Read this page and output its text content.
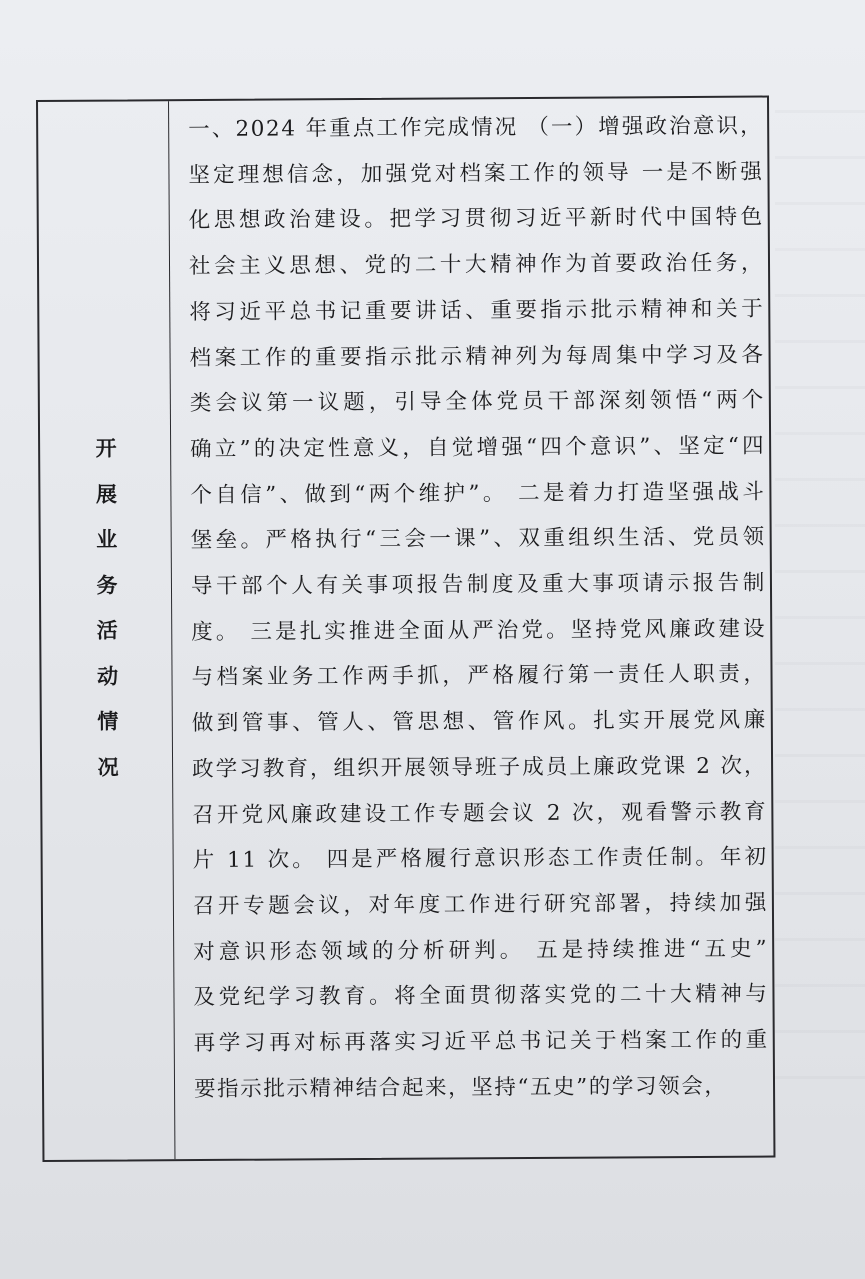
开
展
业
务
活
动
情
况

一、2024 年重点工作完成情况 （一）增强政治意识，

坚定理想信念，加强党对档案工作的领导 一是不断强

化思想政治建设。把学习贯彻习近平新时代中国特色

社会主义思想、党的二十大精神作为首要政治任务，

将习近平总书记重要讲话、重要指示批示精神和关于

档案工作的重要指示批示精神列为每周集中学习及各

类会议第一议题，引导全体党员干部深刻领悟“两个

确立”的决定性意义，自觉增强“四个意识”、坚定“四

个自信”、做到“两个维护”。 二是着力打造坚强战斗

堡垒。严格执行“三会一课”、双重组织生活、党员领

导干部个人有关事项报告制度及重大事项请示报告制

度。 三是扎实推进全面从严治党。坚持党风廉政建设

与档案业务工作两手抓，严格履行第一责任人职责，

做到管事、管人、管思想、管作风。扎实开展党风廉

政学习教育，组织开展领导班子成员上廉政党课 2 次，

召开党风廉政建设工作专题会议 2 次，观看警示教育

片 11 次。 四是严格履行意识形态工作责任制。年初

召开专题会议，对年度工作进行研究部署，持续加强

对意识形态领域的分析研判。 五是持续推进“五史”

及党纪学习教育。将全面贯彻落实党的二十大精神与

再学习再对标再落实习近平总书记关于档案工作的重

要指示批示精神结合起来，坚持“五史”的学习领会，
